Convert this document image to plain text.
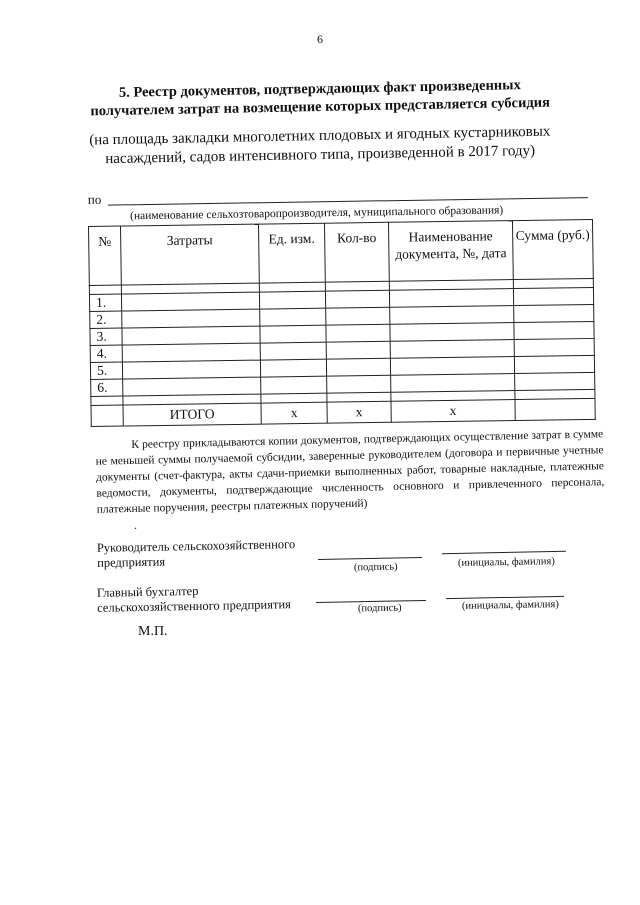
6
5. Реестр документов, подтверждающих факт произведенных
получателем затрат на возмещение которых представляется субсидия
(на площадь закладки многолетних плодовых и ягодных кустарниковых
насаждений, садов интенсивного типа, произведенной в 2017 году)
по
(наименование сельхозтоваропроизводителя, муниципального образования)
№	Затраты	Ед. изм.	Кол-во	Наименование документа, №, дата	Сумма (руб.)

1.					
2.					
3.					
4.					
5.					
6.					

	ИТОГО	х	х	х	

К реестру прикладываются копии документов, подтверждающих осуществление затрат в сумме не меньшей суммы получаемой субсидии, заверенные руководителем (договора и первичные учетные документы (счет-фактура, акты сдачи-приемки выполненных работ, товарные накладные, платежные ведомости, документы, подтверждающие численность основного и привлеченного персонала, платежные поручения, реестры платежных поручений)

.
Руководитель сельскохозяйственного
предприятия	(подпись)	(инициалы, фамилия)
Главный бухгалтер
сельскохозяйственного предприятия	(подпись)	(инициалы, фамилия)
М.П.
